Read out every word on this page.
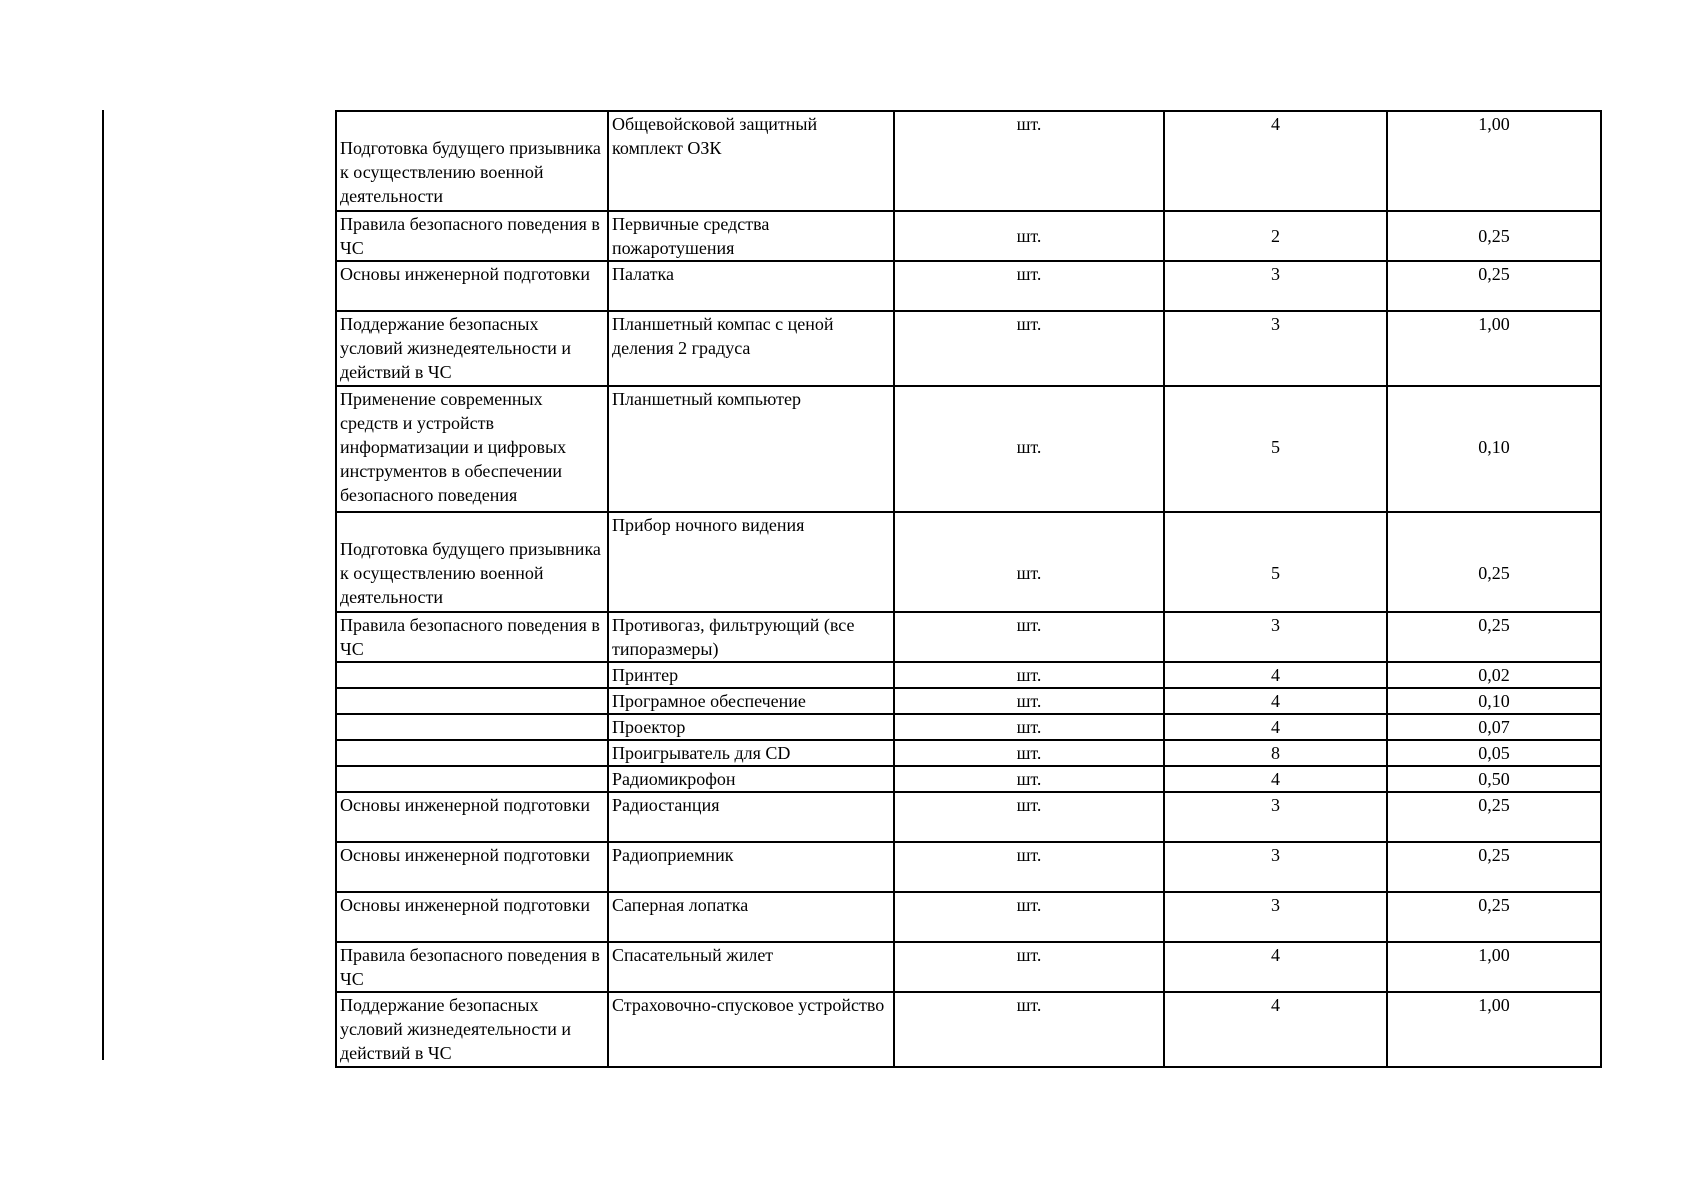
Подготовка будущего призывника к осуществлению военной деятельности	Общевойсковой защитный комплект ОЗК	шт.	4	1,00
Правила безопасного поведения в ЧС	Первичные средства пожаротушения	шт.	2	0,25
Основы инженерной подготовки	Палатка	шт.	3	0,25
Поддержание безопасных условий жизнедеятельности и действий в ЧС	Планшетный компас с ценой деления 2 градуса	шт.	3	1,00
Применение современных средств и устройств информатизации и цифровых инструментов в обеспечении безопасного поведения	Планшетный компьютер	шт.	5	0,10
Подготовка будущего призывника к осуществлению военной деятельности	Прибор ночного видения	шт.	5	0,25
Правила безопасного поведения в ЧС	Противогаз, фильтрующий (все типоразмеры)	шт.	3	0,25
	Принтер	шт.	4	0,02
	Програмное обеспечение	шт.	4	0,10
	Проектор	шт.	4	0,07
	Проигрыватель для CD	шт.	8	0,05
	Радиомикрофон	шт.	4	0,50
Основы инженерной подготовки	Радиостанция	шт.	3	0,25
Основы инженерной подготовки	Радиоприемник	шт.	3	0,25
Основы инженерной подготовки	Саперная лопатка	шт.	3	0,25
Правила безопасного поведения в ЧС	Спасательный жилет	шт.	4	1,00
Поддержание безопасных условий жизнедеятельности и действий в ЧС	Страховочно-спусковое устройство	шт.	4	1,00
